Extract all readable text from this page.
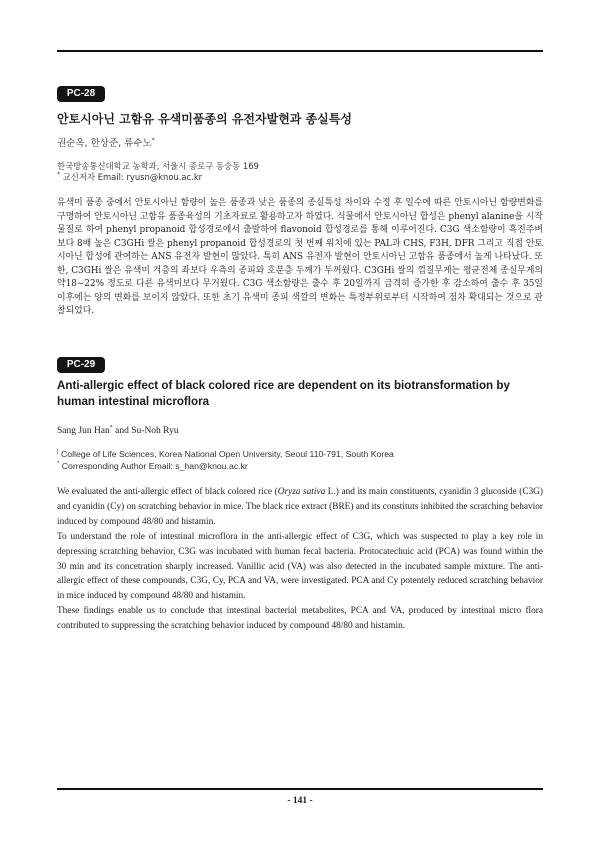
PC-28
안토시아닌 고함유 유색미품종의 유전자발현과 종실특성
권순옥, 한상준, 류수노*
한국방송통신대학교 농학과, 서울시 종로구 동숭동 169
* 교신저자 Email: ryusn@knou.ac.kr

유색미 품종 중에서 안토시아닌 함량이 높은 품종과 낮은 품종의 종실특성 차이와 수정 후 일수에 따른 안토시아닌 함량변화를 구명하여 안토시아닌 고함유 품종육성의 기초자료로 활용하고자 하였다. 식물에서 안토시아닌 합성은 phenyl alanine을 시작물질로 하여 phenyl propanoid 합성경로에서 출발하여 flavonoid 합성경로를 통해 이루어진다. C3G 색소함량이 흑진주벼보다 8배 높은 C3GHi 쌀은 phenyl propanoid 합성경로의 첫 번째 위치에 있는 PAL과 CHS, F3H, DFR 그리고 직접 안토시아닌 합성에 관여하는 ANS 유전자 발현이 많았다. 특히 ANS 유전자 발현이 안토시아닌 고함유 품종에서 높게 나타났다. 또한, C3GHi 쌀은 유색미 겨층의 좌보다 우측의 종피와 호분층 두께가 두꺼웠다. C3GHi 쌀의 껍질무게는 평균전체 종실무게의 약18∼22% 정도로 다른 유색미보다 무거웠다. C3G 색소함량은 출수 후 20일까지 급격히 증가한 후 감소하여 출수 후 35일 이후에는 양의 변화를 보이지 않았다. 또한 초기 유색미 종피 색깔의 변화는 특정부위로부터 시작하여 점차 확대되는 것으로 관찰되었다.

PC-29
Anti-allergic effect of black colored rice are dependent on its biotransformation by human intestinal microflora
Sang Jun Han* and Su-Noh Ryu
| College of Life Sciences, Korea National Open University, Seoul 110-791, South Korea
* Corresponding Author Email: s_han@knou.ac.kr

We evaluated the anti-allergic effect of black colored rice (Oryza sativa L.) and its main constituents, cyanidin 3 glucoside (C3G) and cyanidin (Cy) on scratching behavior in mice. The black rice extract (BRE) and its constituts inhibited the scratching behavior induced by compound 48/80 and histamin.

To understand the role of intestinal microflora in the anti-allergic effect of C3G, which was suspected to play a key role in depressing scratching behavior, C3G was incubated with human fecal bacteria. Protocatechuic acid (PCA) was found within the 30 min and its concetration sharply increased. Vanillic acid (VA) was also detected in the incubated sample mixture. The anti-allergic effect of these compounds, C3G, Cy, PCA and VA, were investigated. PCA and Cy potentely reduced scratching behavior in mice induced by compound 48/80 and histamin.

These findings enable us to conclude that intestinal bacterial metabolites, PCA and VA, produced by intestinal micro flora contributed to suppressing the scratching behavior induced by compound 48/80 and histamin.

- 141 -
